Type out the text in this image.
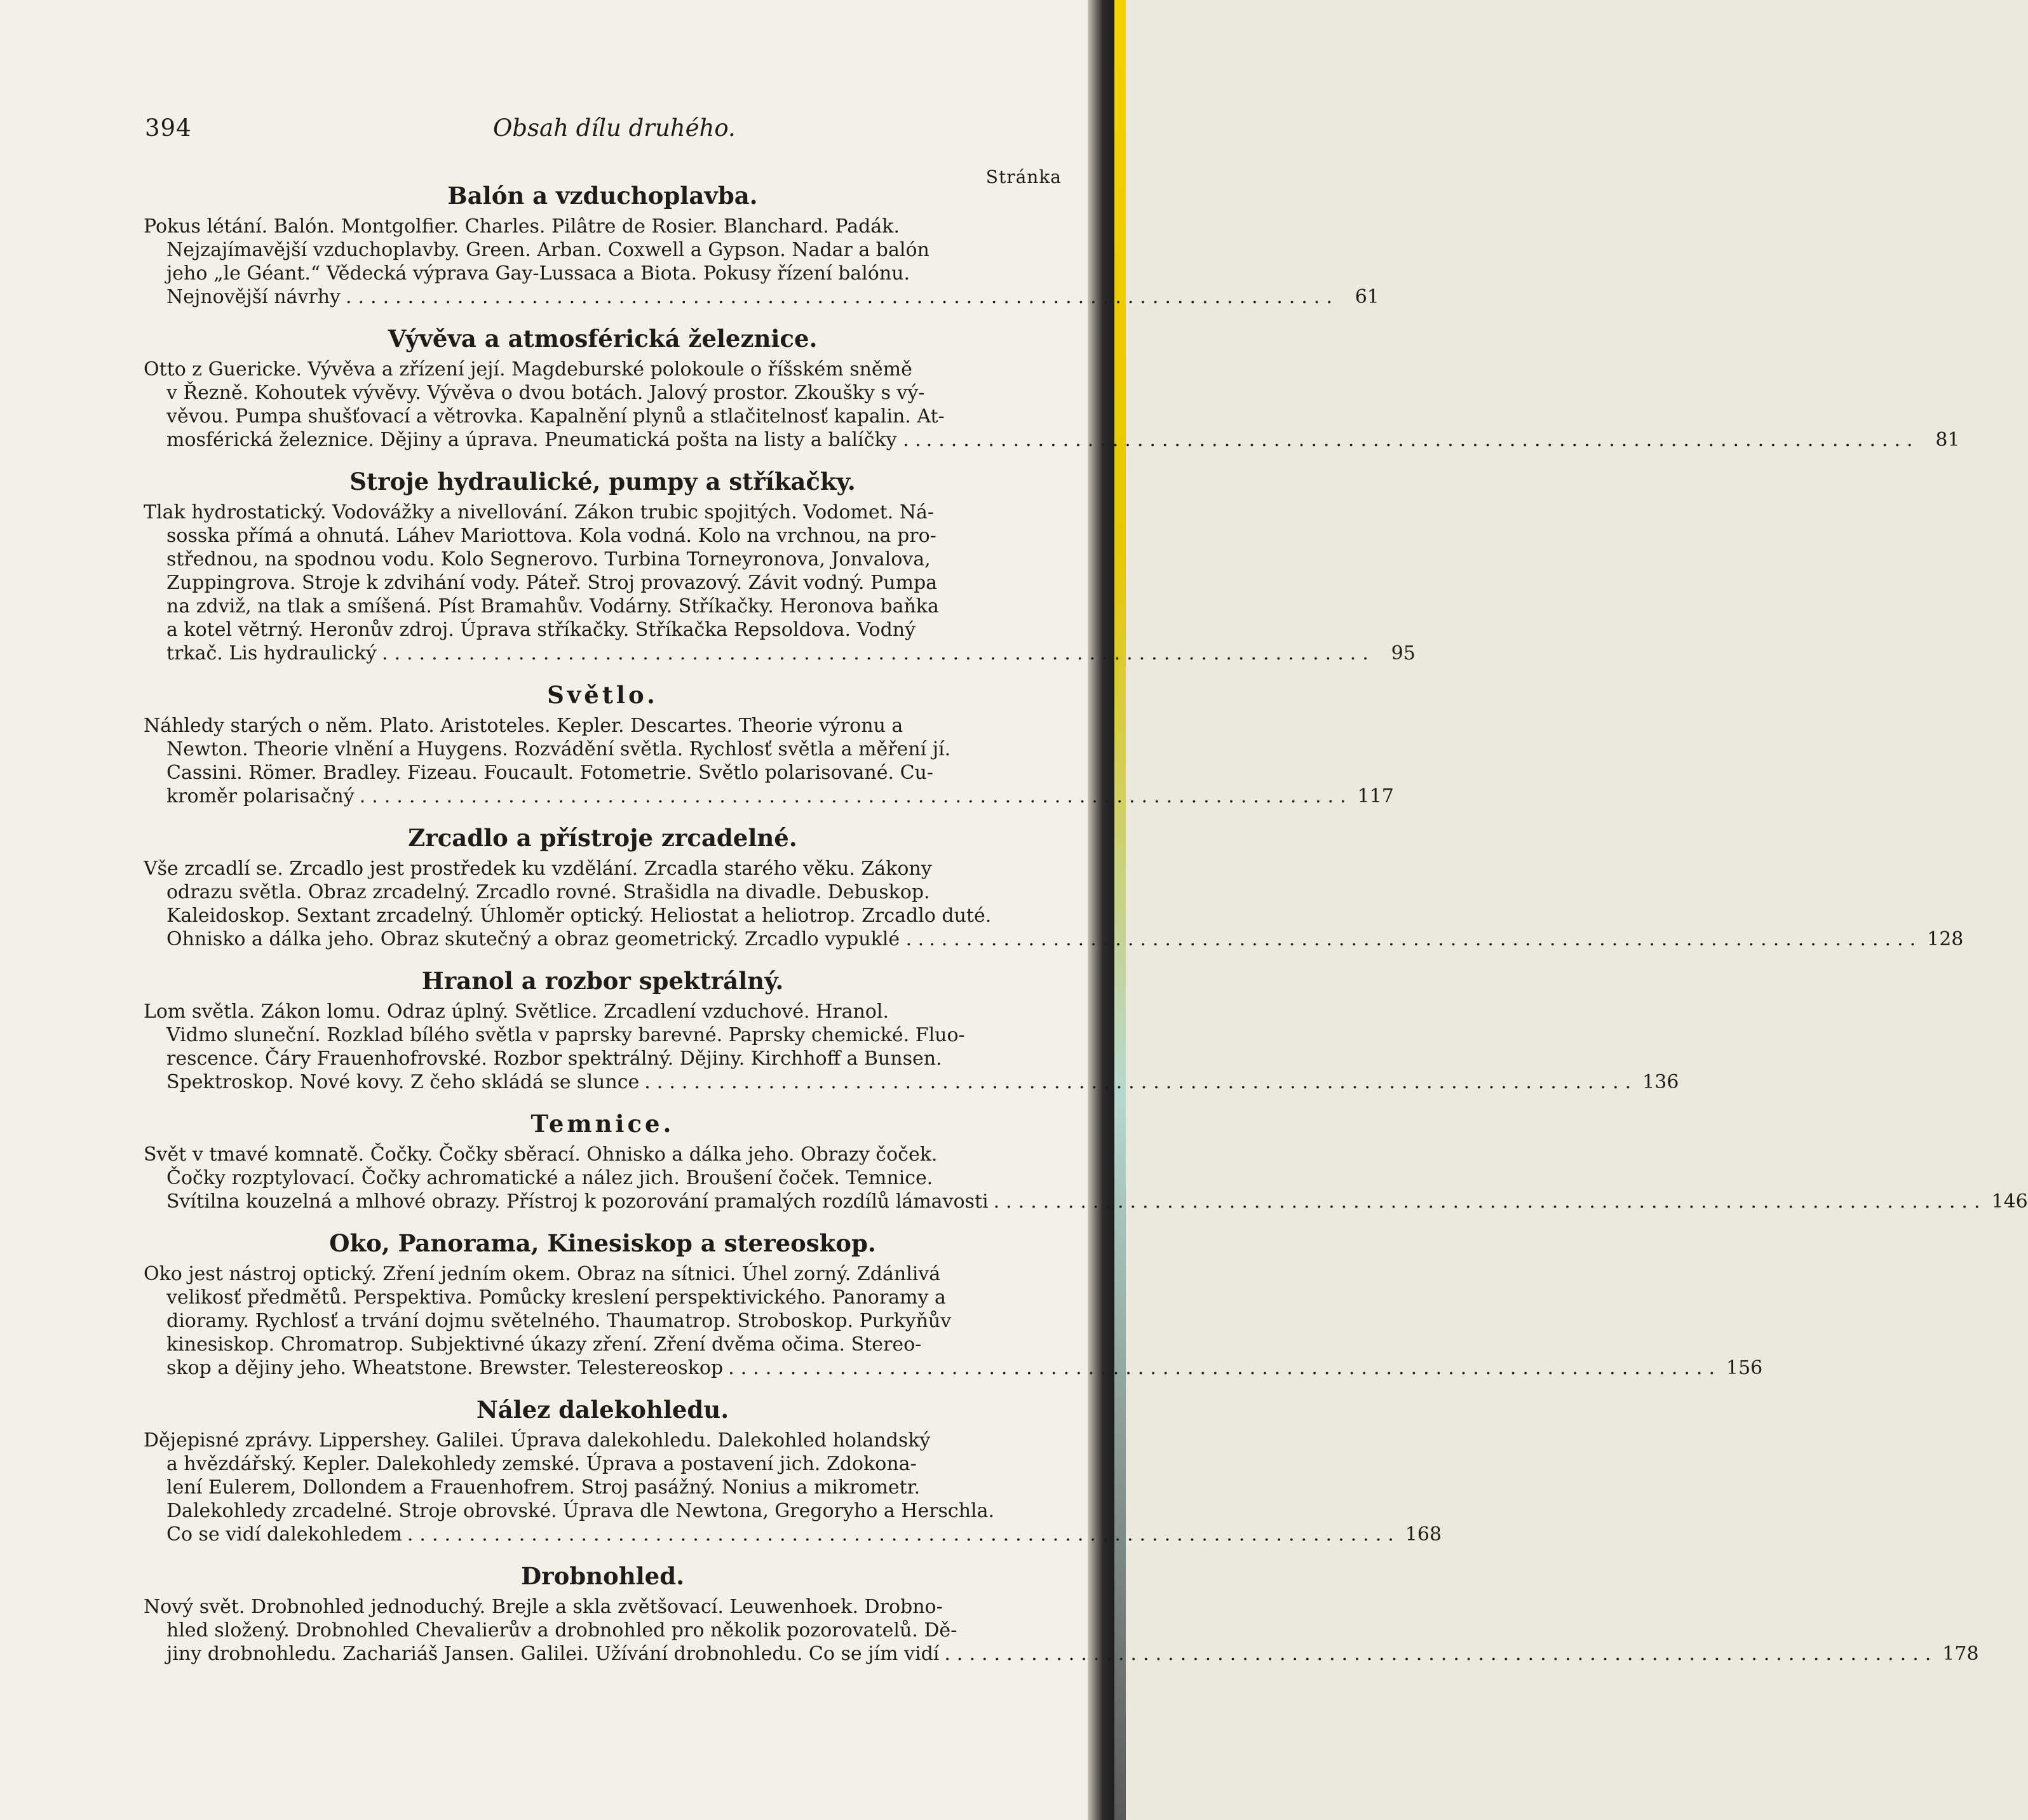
394	Obsah dílu druhého.
Stránka
Balón a vzduchoplavba.
Pokus létání. Balón. Montgolfier. Charles. Pilâtre de Rosier. Blanchard. Padák.
Nejzajímavější vzduchoplavby. Green. Arban. Coxwell a Gypson. Nadar a balón
jeho „le Géant.“ Vědecká výprava Gay-Lussaca a Biota. Pokusy řízení balónu.
Nejnovější návrhy ................................................................................ 61
Vývěva a atmosférická železnice.
Otto z Guericke. Vývěva a zřízení její. Magdeburské polokoule o říšském sněmě
v Řezně. Kohoutek vývěvy. Vývěva o dvou botách. Jalový prostor. Zkoušky s vý-
věvou. Pumpa shušťovací a větrovka. Kapalnění plynů a stlačitelnosť kapalin. At-
mosférická železnice. Dějiny a úprava. Pneumatická pošta na listy a balíčky . . ................................................................................ 81
Stroje hydraulické, pumpy a stříkačky.
Tlak hydrostatický. Vodovážky a nivellování. Zákon trubic spojitých. Vodomet. Ná-
sosska přímá a ohnutá. Láhev Mariottova. Kola vodná. Kolo na vrchnou, na pro-
střednou, na spodnou vodu. Kolo Segnerovo. Turbina Torneyronova, Jonvalova,
Zuppingrova. Stroje k zdvihání vody. Páteř. Stroj provazový. Závit vodný. Pumpa
na zdviž, na tlak a smíšená. Píst Bramahův. Vodárny. Stříkačky. Heronova baňka
a kotel větrný. Heronův zdroj. Úprava stříkačky. Stříkačka Repsoldova. Vodný
trkač. Lis hydraulický ................................................................................ 95
Světlo.
Náhledy starých o něm. Plato. Aristoteles. Kepler. Descartes. Theorie výronu a
Newton. Theorie vlnění a Huygens. Rozvádění světla. Rychlosť světla a měření jí.
Cassini. Römer. Bradley. Fizeau. Foucault. Fotometrie. Světlo polarisované. Cu-
kroměr polarisačný ................................................................................ 117
Zrcadlo a přístroje zrcadelné.
Vše zrcadlí se. Zrcadlo jest prostředek ku vzdělání. Zrcadla starého věku. Zákony
odrazu světla. Obraz zrcadelný. Zrcadlo rovné. Strašidla na divadle. Debuskop.
Kaleidoskop. Sextant zrcadelný. Úhloměr optický. Heliostat a heliotrop. Zrcadlo duté.
Ohnisko a dálka jeho. Obraz skutečný a obraz geometrický. Zrcadlo vypuklé . . ................................................................................ 128
Hranol a rozbor spektrálný.
Lom světla. Zákon lomu. Odraz úplný. Světlice. Zrcadlení vzduchové. Hranol.
Vidmo sluneční. Rozklad bílého světla v paprsky barevné. Paprsky chemické. Fluo-
rescence. Čáry Frauenhofrovské. Rozbor spektrálný. Dějiny. Kirchhoff a Bunsen.
Spektroskop. Nové kovy. Z čeho skládá se slunce ................................................................................ 136
Temnice.
Svět v tmavé komnatě. Čočky. Čočky sběrací. Ohnisko a dálka jeho. Obrazy čoček.
Čočky rozptylovací. Čočky achromatické a nález jich. Broušení čoček. Temnice.
Svítilna kouzelná a mlhové obrazy. Přístroj k pozorování pramalých rozdílů lámavosti ................................................................................ 146
Oko, Panorama, Kinesiskop a stereoskop.
Oko jest nástroj optický. Zření jedním okem. Obraz na sítnici. Úhel zorný. Zdánlivá
velikosť předmětů. Perspektiva. Pomůcky kreslení perspektivického. Panoramy a
dioramy. Rychlosť a trvání dojmu světelného. Thaumatrop. Stroboskop. Purkyňův
kinesiskop. Chromatrop. Subjektivné úkazy zření. Zření dvěma očima. Stereo-
skop a dějiny jeho. Wheatstone. Brewster. Telestereoskop ................................................................................ 156
Nález dalekohledu.
Dějepisné zprávy. Lippershey. Galilei. Úprava dalekohledu. Dalekohled holandský
a hvězdářský. Kepler. Dalekohledy zemské. Úprava a postavení jich. Zdokona-
lení Eulerem, Dollondem a Frauenhofrem. Stroj pasážný. Nonius a mikrometr.
Dalekohledy zrcadelné. Stroje obrovské. Úprava dle Newtona, Gregoryho a Herschla.
Co se vidí dalekohledem ................................................................................ 168
Drobnohled.
Nový svět. Drobnohled jednoduchý. Brejle a skla zvětšovací. Leuwenhoek. Drobno-
hled složený. Drobnohled Chevalierův a drobnohled pro několik pozorovatelů. Dě-
jiny drobnohledu. Zachariáš Jansen. Galilei. Užívání drobnohledu. Co se jím vidí ................................................................................ 178
